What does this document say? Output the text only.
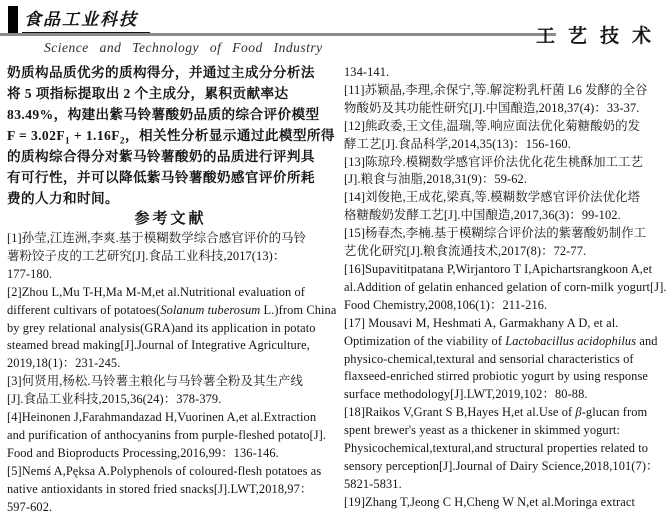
食品工业科技
工艺技术
Science and Technology of Food Industry
奶质构品质优劣的质构得分，并通过主成分分析法
将 5 项指标提取出 2 个主成分，累积贡献率达
83.49%，构建出紫马铃薯酸奶品质的综合评价模型
$F = 3.02F_1 + 1.16F_2$，相关性分析显示通过此模型所得
的质构综合得分对紫马铃薯酸奶的品质进行评判具
有可行性，并可以降低紫马铃薯酸奶感官评价所耗
费的人力和时间。
参考文献
[1]孙莹,江连洲,李爽.基于模糊数学综合感官评价的马铃
薯粉饺子皮的工艺研究[J].食品工业科技,2017(13)：
177-180.
[2]Zhou L,Mu T-H,Ma M-M,et al.Nutritional evaluation of
different cultivars of potatoes(Solanum tuberosum L.)from China
by grey relational analysis(GRA)and its application in potato
steamed bread making[J].Journal of Integrative Agriculture,
2019,18(1)：231-245.
[3]何贤用,杨松.马铃薯主粮化与马铃薯全粉及其生产线
[J].食品工业科技,2015,36(24)：378-379.
[4]Heinonen J,Farahmandazad H,Vuorinen A,et al.Extraction
and purification of anthocyanins from purple-fleshed potato[J].
Food and Bioproducts Processing,2016,99：136-146.
[5]Nemś A,Pęksa A.Polyphenols of coloured-flesh potatoes as
native antioxidants in stored fried snacks[J].LWT,2018,97：
597-602.
134-141.
[11]苏颖晶,李理,余保宁,等.解淀粉乳杆菌 L6 发酵的全谷
物酸奶及其功能性研究[J].中国酿造,2018,37(4)：33-37.
[12]熊政委,王文佳,温瑞,等.响应面法优化菊糖酸奶的发
酵工艺[J].食品科学,2014,35(13)：156-160.
[13]陈琼玲.模糊数学感官评价法优化花生桃酥加工工艺
[J].粮食与油脂,2018,31(9)：59-62.
[14]刘俊艳,王成花,梁真,等.模糊数学感官评价法优化塔
格糖酸奶发酵工艺[J].中国酿造,2017,36(3)：99-102.
[15]杨春杰,李楠.基于模糊综合评价法的紫薯酸奶制作工
艺优化研究[J].粮食流通技术,2017(8)：72-77.
[16]Supavititpatana P,Wirjantoro T I,Apichartsrangkoon A,et
al.Addition of gelatin enhanced gelation of corn-milk yogurt[J].
Food Chemistry,2008,106(1)：211-216.
[17] Mousavi M, Heshmati A, Garmakhany A D, et al.
Optimization of the viability of Lactobacillus acidophilus and
physico-chemical,textural and sensorial characteristics of
flaxseed-enriched stirred probiotic yogurt by using response
surface methodology[J].LWT,2019,102：80-88.
[18]Raikos V,Grant S B,Hayes H,et al.Use of β-glucan from
spent brewer's yeast as a thickener in skimmed yogurt:
Physicochemical,textural,and structural properties related to
sensory perception[J].Journal of Dairy Science,2018,101(7)：
5821-5831.
[19]Zhang T,Jeong C H,Cheng W N,et al.Moringa extract
